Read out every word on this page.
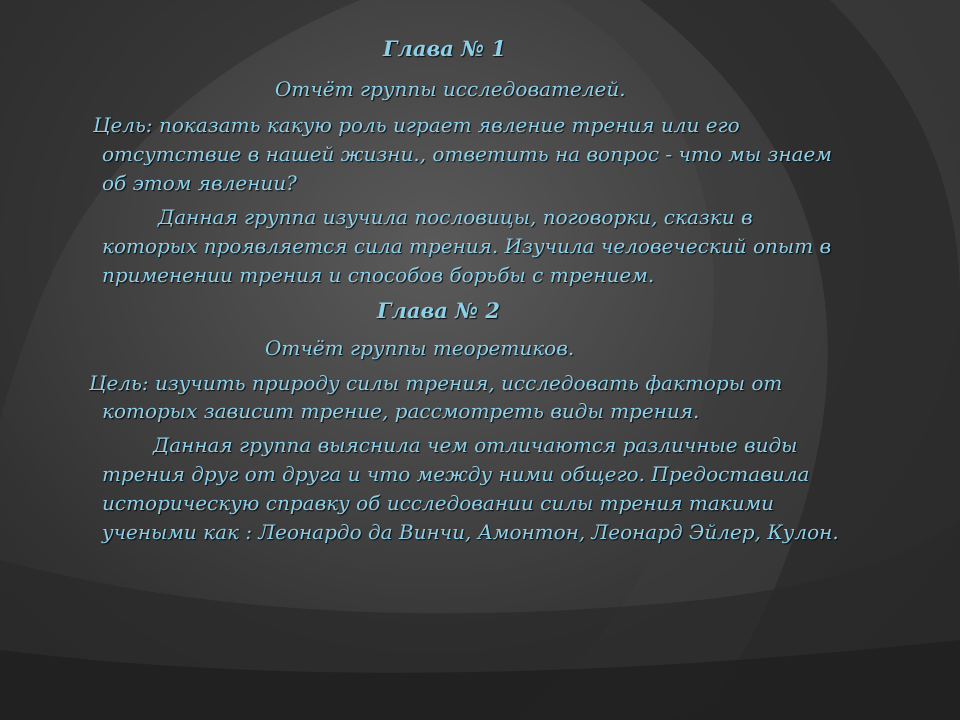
Глава № 1
Отчёт группы исследователей.
Цель: показать какую роль играет явление трения или его
отсутствие в нашей жизни., ответить на вопрос - что мы знаем
об этом явлении?
Данная группа изучила пословицы, поговорки, сказки в
которых проявляется сила трения. Изучила человеческий опыт в
применении трения и способов борьбы с трением.
Глава № 2
Отчёт группы теоретиков.
Цель: изучить природу силы трения, исследовать факторы от
которых зависит трение, рассмотреть виды трения.
Данная группа выяснила чем отличаются различные виды
трения друг от друга и что между ними общего. Предоставила
историческую справку об исследовании силы трения такими
учеными как : Леонардо да Винчи, Амонтон, Леонард Эйлер, Кулон.
